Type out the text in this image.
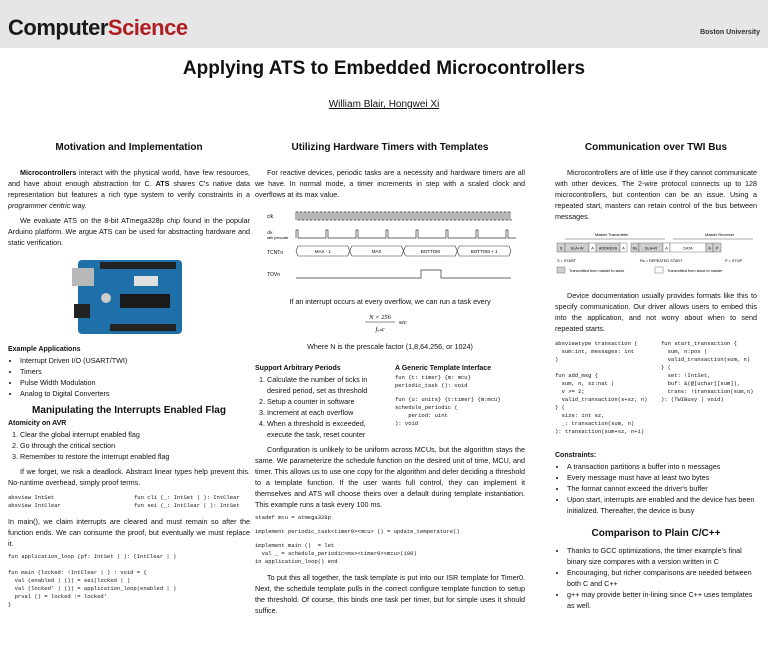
ComputerScience	Boston University
Applying ATS to Embedded Microcontrollers
William Blair, Hongwei Xi
Motivation and Implementation

Microcontrollers interact with the physical world, have few resources, and have about enough abstraction for C. ATS shares C's native data representation but features a rich type system to verify constraints in a programmer centric way.

We evaluate ATS on the 8-bit ATmega328p chip found in the popular Arduino platform. We argue ATS can be used for abstracting hardware and static verification.

Example Applications
• Interrupt Driven I/O (USART/TWI)
• Timers
• Pulse Width Modulation
• Analog to Digital Converters
Manipulating the Interrupts Enabled Flag
Atomicity on AVR
1. Clear the global interrupt enabled flag
2. Go through the critical section
3. Remember to restore the interrupt enabled flag

If we forget, we risk a deadlock. Abstract linear types help prevent this. No-runtime overhead, simply proof terms.

absview IntSet
absview IntClear
fun cli (_: IntSet | ): IntClear
fun sei (_: IntClear | ): IntSet

In main(), we claim interrupts are cleared and must remain so after the function ends. We can consume the proof, but eventually we must replace it.

fun application_loop (pf: IntSet | ): (IntClear | )

fun main (locked: !IntClear | ) : void = {
val (enabled | ()) = sei(locked | )
val (locked' | ()) = application_loop(enabled | )
prval () = locked := locked'
}
Utilizing Hardware Timers with Templates

For reactive devices, periodic tasks are a necessity and hardware timers are all we have. In normal mode, a timer increments in step with a scaled clock and overflows at its max value.

clk
clk
with prescaler
TCNTn
TOVn
MAX - 1	MAX	BOTTOM	BOTTOM + 1

If an interrupt occurs at every overflow, we can run a task every

N × 256
fₒₛc
sec

Where N is the prescale factor (1,8,64,256, or 1024)

Support Arbitrary Periods
1. Calculate the number of ticks in desired period, set as threshold
2. Setup a counter in software
3. Increment at each overflow
4. When a threshold is exceeded, execute the task, reset counter
A Generic Template Interface
fun {t: timer} {m: mcu}
periodic_task (): void
fun {u: units} {t:timer} {m:mcu}
schedule_periodic (
period: uint
): void

Configuration is unlikely to be uniform across MCUs, but the algorithm stays the same. We parameterize the schedule function on the desired unit of time, MCU, and timer. This allows us to use one copy for the algorithm and defer deciding a threshold to a template function. If the user wants full control, they can implement it themselves and ATS will choose theirs over a default during template instantiation. This example runs a task every 100 ms.

stadef mcu = atmega328p
implement periodic_task<timer0><mcu> () = update_temperature()
implement main ()  = let
val _ = schedule_periodic<ms><timer0><mcu>(100)
in application_loop() end

To put this all together, the task template is put into our ISR template for Timer0. Next, the schedule template pulls in the correct configure template function to setup the threshold. Of course, this binds one task per timer, but for simple uses it should suffice.

Communication over TWI Bus

Microcontrollers are of little use if they cannot communicate with other devices. The 2-wire protocol connects up to 128 microcontrollers, but contention can be an issue. Using a repeated start, masters can retain control of the bus between messages.

Master Transmitter	Master Receiver
S SLA+W A ADDRESS A Rs SLA+R A	DATA	A P
S = START	Rs = REPEATED START	P = STOP
Transmitted from master to slave	Transmitted from slave to master

Device documentation usually provides formats like this to specify communication. Our driver allows users to embed this into the application, and not worry about when to send repeated starts.

absviewtype transaction (
sum:int, messages: int
)

fun add_msg {
sum, n, sz:nat |
v >= 2;
valid_transaction(s+sz, n)
} (
size: int sz,
_: transaction(sum, n)
): transaction(sum+sz, n+1)
fun start_transaction {
sum, n:pos |
valid_transaction(sum, n)
} (
set: !IntSet,
buf: &(@[uchar][sum]),
trans: !transaction(sum,n)
): (TWIBusy | void)
Constraints:
• A transaction partitions a buffer into n messages
• Every message must have at least two bytes
• The format cannot exceed the driver's buffer
• Upon start, interrupts are enabled and the device has been initialized. Thereafter, the device is busy
Comparison to Plain C/C++
• Thanks to GCC optimizations, the timer example's final binary size compares with a version written in C
• Encouraging, but richer comparisons are needed between both C and C++
• g++ may provide better in-lining since C++ uses templates as well.
